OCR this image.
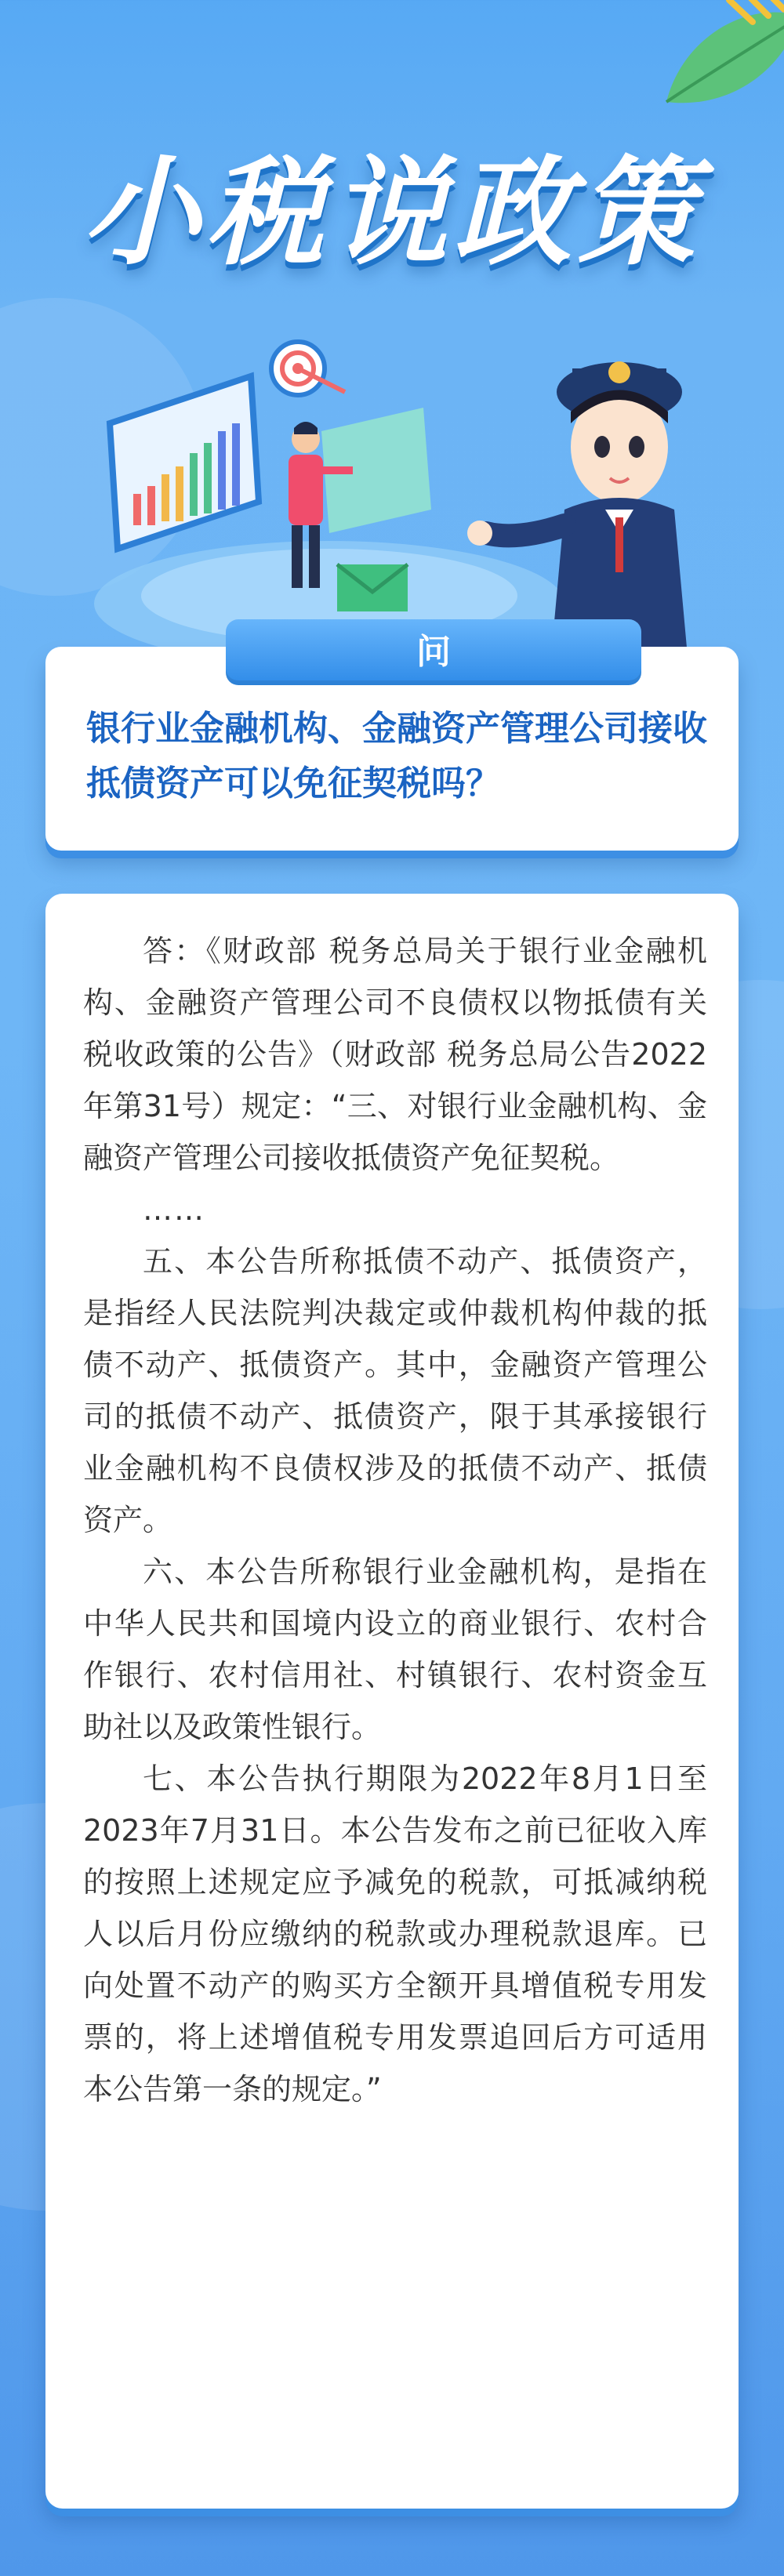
小税说政策
问
银行业金融机构、金融资产管理公司接收抵债资产可以免征契税吗？

答：《财政部 税务总局关于银行业金融机构、金融资产管理公司不良债权以物抵债有关税收政策的公告》（财政部 税务总局公告2022年第31号）规定：“三、对银行业金融机构、金融资产管理公司接收抵债资产免征契税。

……

五、本公告所称抵债不动产、抵债资产，是指经人民法院判决裁定或仲裁机构仲裁的抵债不动产、抵债资产。其中，金融资产管理公司的抵债不动产、抵债资产，限于其承接银行业金融机构不良债权涉及的抵债不动产、抵债资产。

六、本公告所称银行业金融机构，是指在中华人民共和国境内设立的商业银行、农村合作银行、农村信用社、村镇银行、农村资金互助社以及政策性银行。

七、本公告执行期限为2022年8月1日至2023年7月31日。本公告发布之前已征收入库的按照上述规定应予减免的税款，可抵减纳税人以后月份应缴纳的税款或办理税款退库。已向处置不动产的购买方全额开具增值税专用发票的，将上述增值税专用发票追回后方可适用本公告第一条的规定。”
